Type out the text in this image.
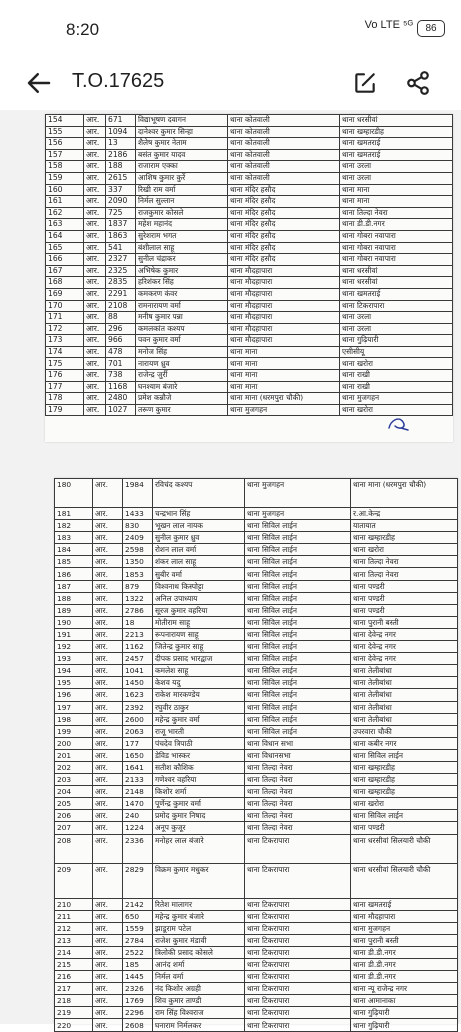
8:20	Vo LTE ⁵ᴳ	86
T.O.17625
154	आर.	671	विद्याभूषण दवागन	थाना कोतवाली	थाना धरसीवां
155	आर.	1094	दानेश्वर कुमार सिन्हा	थाना कोतवाली	थाना खम्हारडीह
156	आर.	13	शैलेष कुमार नेताम	थाना कोतवाली	थाना खमतराई
157	आर.	2186	बसंत कुमार यादव	थाना कोतवाली	थाना खमतराई
158	आर.	188	राजाराम एक्का	थाना कोतवाली	थाना उरला
159	आर.	2615	आशिष कुमार कुर्रे	थाना कोतवाली	थाना उरला
160	आर.	337	रिखी राम वर्मा	थाना मंदिर हसौद	थाना माना
161	आर.	2090	निर्मल सुल्तान	थाना मंदिर हसौद	थाना माना
162	आर.	725	राजकुमार कोसले	थाना मंदिर हसौद	थाना तिल्दा नेवरा
163	आर.	1837	महेश महानंद	थाना मंदिर हसौद	थाना डी.डी.नगर
164	आर.	1863	सुरेशराम भगत	थाना मंदिर हसौद	थाना गोबरा नवापारा
165	आर.	541	बंशीलाल साहू	थाना मंदिर हसौद	थाना गोबरा नवापारा
166	आर.	2327	सुनील चंद्राकर	थाना मंदिर हसौद	थाना गोबरा नवापारा
167	आर.	2325	अभिषेक कुमार	थाना मौदहापारा	थाना धरसीवां
168	आर.	2835	हरिशंकर सिंह	थाना मौदहापारा	थाना धरसीवां
169	आर.	2291	कमकरण कंवर	थाना मौदहापारा	थाना खमतराई
170	आर.	2108	रामनारायण वर्मा	थाना मौदहापारा	थाना टिकरापारा
171	आर.	88	मनीष कुमार पन्ना	थाना मौदहापारा	थाना उरला
172	आर.	296	कमलकांत कश्यप	थाना मौदहापारा	थाना उरला
173	आर.	966	पवन कुमार वर्मा	थाना मौदहापारा	थाना गुढ़ियारी
174	आर.	478	मनोज सिंह	थाना माना	एसीसीयू
175	आर.	701	नारायण ध्रुव	थाना माना	थाना खरोरा
176	आर.	738	राजेन्द्र जुर्री	थाना माना	थाना राखी
177	आर.	1168	घनश्याम बंजारे	थाना माना	थाना राखी
178	आर.	2480	प्रमेश कन्नौजे	थाना माना (धरमपुरा चौकी)	थाना मुजगहन
179	आर.	1027	तरूण कुमार	थाना मुजगहन	थाना खरोरा
180	आर.	1984	रविचंद कश्यप	थाना मुजगहन	थाना माना (धरमपुरा चौकी)
181	आर.	1433	चन्द्रभान सिंह	थाना मुजगहन	र.आ.केन्द्र
182	आर.	830	भूखन लाल नायक	थाना सिविल लाईन	यातायात
183	आर.	2409	सुनील कुमार ध्रुव	थाना सिविल लाईन	थाना खम्हारडीह
184	आर.	2598	रोशन लाल वर्मा	थाना सिविल लाईन	थाना खरोरा
185	आर.	1350	शंकर लाल साहू	थाना सिविल लाईन	थाना तिल्दा नेवरा
186	आर.	1853	सुबीर वर्मा	थाना सिविल लाईन	थाना तिल्दा नेवरा
187	आर.	879	विश्वनाथ किस्पोट्टा	थाना सिविल लाईन	थाना पण्डरी
188	आर.	1322	अनिल उपाध्याय	थाना सिविल लाईन	थाना पण्डरी
189	आर.	2786	सूरज कुमार वहरिया	थाना सिविल लाईन	थाना पण्डरी
190	आर.	18	मोतीराम साहू	थाना सिविल लाईन	थाना पुरानी बस्ती
191	आर.	2213	रूपनारायण साहू	थाना सिविल लाईन	थाना देवेन्द्र नगर
192	आर.	1162	जितेन्द्र कुमार साहू	थाना सिविल लाईन	थाना देवेन्द्र नगर
193	आर.	2457	दीपक प्रसाद भारद्वाज	थाना सिविल लाईन	थाना देवेन्द्र नगर
194	आर.	1041	कमलेश साहू	थाना सिविल लाईन	थाना तेलीबांधा
195	आर.	1450	केशव यदु	थाना सिविल लाईन	थाना तेलीबांधा
196	आर.	1623	राकेश मारकण्डेय	थाना सिविल लाईन	थाना तेलीबांधा
197	आर.	2392	रघुवीर ठाकुर	थाना सिविल लाईन	थाना तेलीबांधा
198	आर.	2600	महेन्द्र कुमार वर्मा	थाना सिविल लाईन	थाना तेलीबांधा
199	आर.	2063	राजू भारती	थाना सिविल लाईन	उपरवारा चौकी
200	आर.	177	पंचदेव त्रिपाठी	थाना विधान सभा	थाना कबीर नगर
201	आर.	1650	डेविड भास्कर	थाना विधानसभा	थाना सिविल लाईन
202	आर.	1641	सतीश कौशिक	थाना तिल्दा नेवरा	थाना खम्हारडीह
203	आर.	2133	गणेश्वर वहरिया	थाना तिल्दा नेवरा	थाना खम्हारडीह
204	आर.	2148	किशोर शर्मा	थाना तिल्दा नेवरा	थाना खम्हारडीह
205	आर.	1470	पूर्णेन्द्र कुमार वर्मा	थाना तिल्दा नेवरा	थाना खरोरा
206	आर.	240	प्रमोद कुमार निषाद	थाना तिल्दा नेवरा	थाना सिविल लाईन
207	आर.	1224	अनूप कुजूर	थाना तिल्दा नेवरा	थाना पण्डरी
208	आर.	2336	मनोहर लाल बंजारे	थाना टिकरापारा	थाना धरसीवां सिलयारी चौकी
209	आर.	2829	विक्रम कुमार मधुकर	थाना टिकरापारा	थाना धरसीवां सिलयारी चौकी
210	आर.	2142	रितेश मालागर	थाना टिकरापारा	थाना खमतराई
211	आर.	650	महेन्द्र कुमार बंजारे	थाना टिकरापारा	थाना मौदहापारा
212	आर.	1559	झाडूराम पटेल	थाना टिकरापारा	थाना मुजगहन
213	आर.	2784	राजेश कुमार मंडावी	थाना टिकरापारा	थाना पुरानी बस्ती
214	आर.	2522	त्रिलोकी प्रसाद कोसले	थाना टिकरापारा	थाना डी.डी.नगर
215	आर.	185	आनंद शर्मा	थाना टिकरापारा	थाना डी.डी.नगर
216	आर.	1445	निर्मल वर्मा	थाना टिकरापारा	थाना डी.डी.नगर
217	आर.	2326	नंद किशोर अग्रही	थाना टिकरापारा	थाना न्यू राजेन्द्र नगर
218	आर.	1769	शिव कुमार ताण्डी	थाना टिकरापारा	थाना आमानाका
219	आर.	2296	राम सिंह विश्वराज	थाना टिकरापारा	थाना गुढ़ियारी
220	आर.	2608	घनाराम निर्मलकर	थाना टिकरापारा	थाना गुढ़ियारी
